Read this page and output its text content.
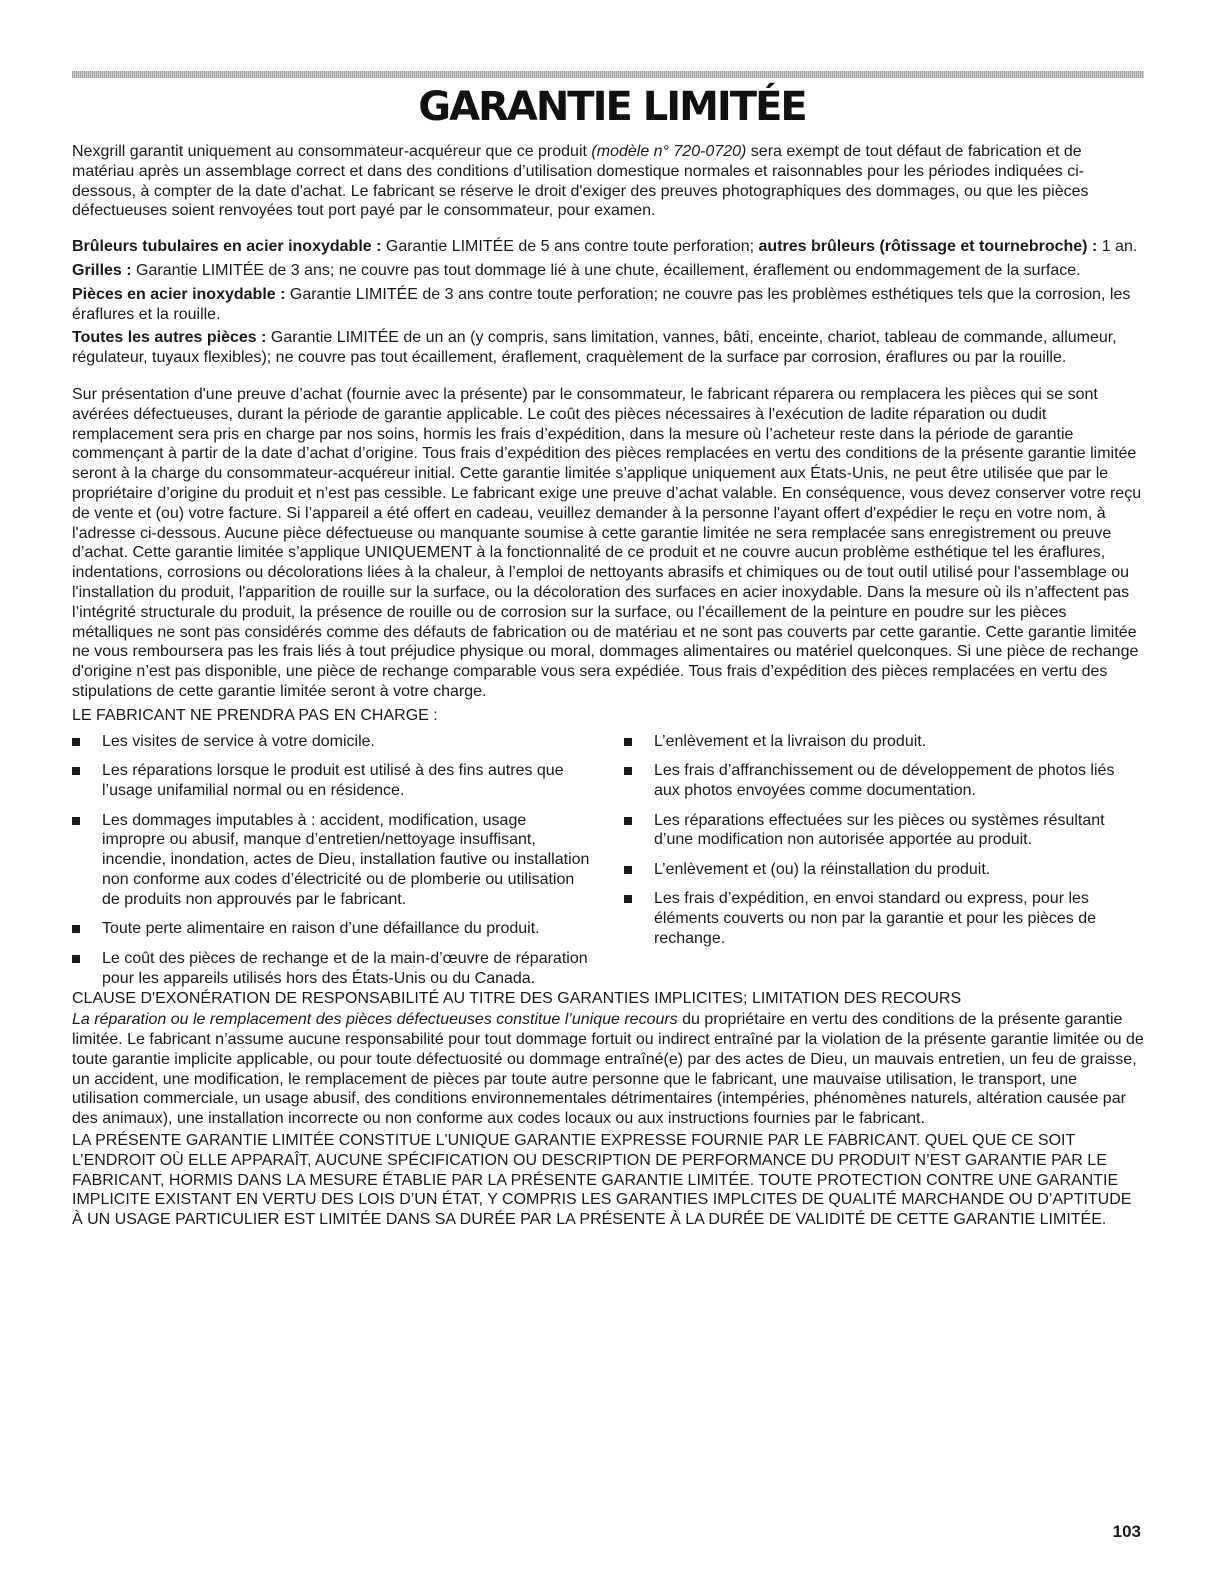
GARANTIE LIMITÉE

Nexgrill garantit uniquement au consommateur-acquéreur que ce produit (modèle n° 720-0720) sera exempt de tout défaut de fabrication et de matériau après un assemblage correct et dans des conditions d’utilisation domestique normales et raisonnables pour les périodes indiquées ci-dessous, à compter de la date d'achat. Le fabricant se réserve le droit d'exiger des preuves photographiques des dommages, ou que les pièces défectueuses soient renvoyées tout port payé par le consommateur, pour examen.

Brûleurs tubulaires en acier inoxydable : Garantie LIMITÉE de 5 ans contre toute perforation; autres brûleurs (rôtissage et tournebroche) : 1 an.

Grilles : Garantie LIMITÉE de 3 ans; ne couvre pas tout dommage lié à une chute, écaillement, éraflement ou endommagement de la surface.

Pièces en acier inoxydable : Garantie LIMITÉE de 3 ans contre toute perforation; ne couvre pas les problèmes esthétiques tels que la corrosion, les éraflures et la rouille.

Toutes les autres pièces : Garantie LIMITÉE de un an (y compris, sans limitation, vannes, bâti, enceinte, chariot, tableau de commande, allumeur, régulateur, tuyaux flexibles); ne couvre pas tout écaillement, éraflement, craquèlement de la surface par corrosion, éraflures ou par la rouille.

Sur présentation d'une preuve d’achat (fournie avec la présente) par le consommateur, le fabricant réparera ou remplacera les pièces qui se sont avérées défectueuses, durant la période de garantie applicable. Le coût des pièces nécessaires à l'exécution de ladite réparation ou dudit remplacement sera pris en charge par nos soins, hormis les frais d’expédition, dans la mesure où l’acheteur reste dans la période de garantie commençant à partir de la date d’achat d’origine. Tous frais d’expédition des pièces remplacées en vertu des conditions de la présente garantie limitée seront à la charge du consommateur-acquéreur initial. Cette garantie limitée s’applique uniquement aux États-Unis, ne peut être utilisée que par le propriétaire d’origine du produit et n’est pas cessible. Le fabricant exige une preuve d’achat valable. En conséquence, vous devez conserver votre reçu de vente et (ou) votre facture. Si l’appareil a été offert en cadeau, veuillez demander à la personne l'ayant offert d'expédier le reçu en votre nom, à l'adresse ci-dessous. Aucune pièce défectueuse ou manquante soumise à cette garantie limitée ne sera remplacée sans enregistrement ou preuve d’achat. Cette garantie limitée s’applique UNIQUEMENT à la fonctionnalité de ce produit et ne couvre aucun problème esthétique tel les éraflures, indentations, corrosions ou décolorations liées à la chaleur, à l’emploi de nettoyants abrasifs et chimiques ou de tout outil utilisé pour l'assemblage ou l'installation du produit, l'apparition de rouille sur la surface, ou la décoloration des surfaces en acier inoxydable. Dans la mesure où ils n’affectent pas l’intégrité structurale du produit, la présence de rouille ou de corrosion sur la surface, ou l’écaillement de la peinture en poudre sur les pièces métalliques ne sont pas considérés comme des défauts de fabrication ou de matériau et ne sont pas couverts par cette garantie. Cette garantie limitée ne vous remboursera pas les frais liés à tout préjudice physique ou moral, dommages alimentaires ou matériel quelconques. Si une pièce de rechange d'origine n’est pas disponible, une pièce de rechange comparable vous sera expédiée. Tous frais d’expédition des pièces remplacées en vertu des stipulations de cette garantie limitée seront à votre charge.

LE FABRICANT NE PRENDRA PAS EN CHARGE :

Les visites de service à votre domicile.
Les réparations lorsque le produit est utilisé à des fins autres que l’usage unifamilial normal ou en résidence.
Les dommages imputables à : accident, modification, usage impropre ou abusif, manque d’entretien/nettoyage insuffisant, incendie, inondation, actes de Dieu, installation fautive ou installation non conforme aux codes d’électricité ou de plomberie ou utilisation de produits non approuvés par le fabricant.
Toute perte alimentaire en raison d’une défaillance du produit.
Le coût des pièces de rechange et de la main-d’œuvre de réparation pour les appareils utilisés hors des États-Unis ou du Canada.
L’enlèvement et la livraison du produit.
Les frais d’affranchissement ou de développement de photos liés aux photos envoyées comme documentation.
Les réparations effectuées sur les pièces ou systèmes résultant d’une modification non autorisée apportée au produit.
L’enlèvement et (ou) la réinstallation du produit.
Les frais d’expédition, en envoi standard ou express, pour les éléments couverts ou non par la garantie et pour les pièces de rechange.

CLAUSE D'EXONÉRATION DE RESPONSABILITÉ AU TITRE DES GARANTIES IMPLICITES; LIMITATION DES RECOURS

La réparation ou le remplacement des pièces défectueuses constitue l’unique recours du propriétaire en vertu des conditions de la présente garantie limitée. Le fabricant n’assume aucune responsabilité pour tout dommage fortuit ou indirect entraîné par la violation de la présente garantie limitée ou de toute garantie implicite applicable, ou pour toute défectuosité ou dommage entraîné(e) par des actes de Dieu, un mauvais entretien, un feu de graisse, un accident, une modification, le remplacement de pièces par toute autre personne que le fabricant, une mauvaise utilisation, le transport, une utilisation commerciale, un usage abusif, des conditions environnementales détrimentaires (intempéries, phénomènes naturels, altération causée par des animaux), une installation incorrecte ou non conforme aux codes locaux ou aux instructions fournies par le fabricant.

LA PRÉSENTE GARANTIE LIMITÉE CONSTITUE L'UNIQUE GARANTIE EXPRESSE FOURNIE PAR LE FABRICANT. QUEL QUE CE SOIT L’ENDROIT OÙ ELLE APPARAÎT, AUCUNE SPÉCIFICATION OU DESCRIPTION DE PERFORMANCE DU PRODUIT N’EST GARANTIE PAR LE FABRICANT, HORMIS DANS LA MESURE ÉTABLIE PAR LA PRÉSENTE GARANTIE LIMITÉE. TOUTE PROTECTION CONTRE UNE GARANTIE IMPLICITE EXISTANT EN VERTU DES LOIS D’UN ÉTAT, Y COMPRIS LES GARANTIES IMPLCITES DE QUALITÉ MARCHANDE OU D’APTITUDE À UN USAGE PARTICULIER EST LIMITÉE DANS SA DURÉE PAR LA PRÉSENTE À LA DURÉE DE VALIDITÉ DE CETTE GARANTIE LIMITÉE.

103
